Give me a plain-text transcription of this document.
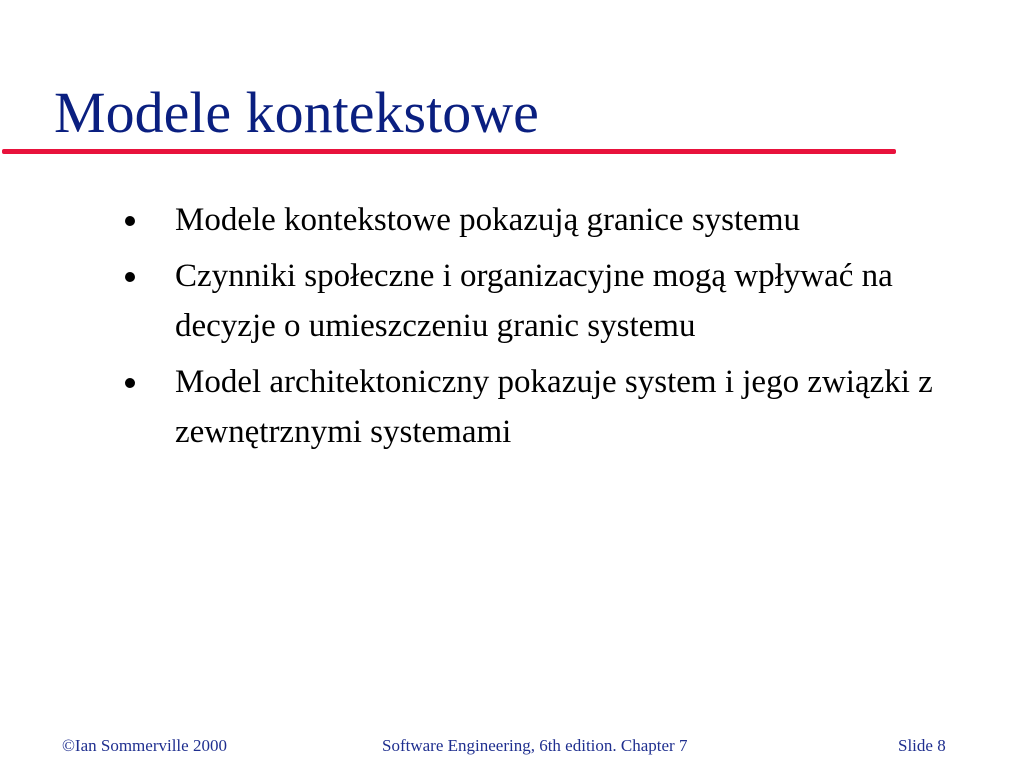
Modele kontekstowe
Modele kontekstowe pokazują granice systemu
Czynniki społeczne i organizacyjne mogą wpływać na decyzje o umieszczeniu granic systemu
Model architektoniczny pokazuje system i jego związki z zewnętrznymi systemami
©Ian Sommerville 2000	Software Engineering, 6th edition. Chapter 7	Slide 8
